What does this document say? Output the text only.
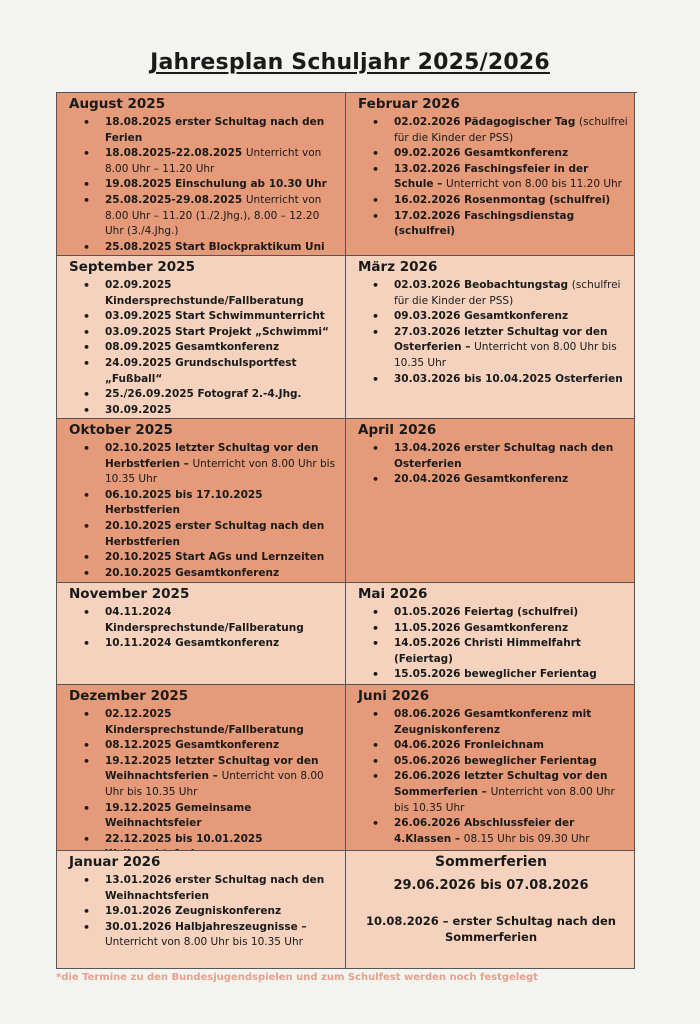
Jahresplan Schuljahr 2025/2026
August 2025
• 18.08.2025 erster Schultag nach den Ferien
• 18.08.2025-22.08.2025 Unterricht von 8.00 Uhr – 11.20 Uhr
• 19.08.2025 Einschulung ab 10.30 Uhr
• 25.08.2025-29.08.2025 Unterricht von 8.00 Uhr – 11.20 (1./2.Jhg.), 8.00 – 12.20 Uhr (3./4.Jhg.)
• 25.08.2025 Start Blockpraktikum Uni
•
Februar 2026
• 02.02.2026 Pädagogischer Tag (schulfrei für die Kinder der PSS)
• 09.02.2026 Gesamtkonferenz
• 13.02.2026 Faschingsfeier in der Schule – Unterricht von 8.00 bis 11.20 Uhr
• 16.02.2026 Rosenmontag (schulfrei)
• 17.02.2026 Faschingsdienstag (schulfrei)
September 2025
• 02.09.2025 Kindersprechstunde/Fallberatung
• 03.09.2025 Start Schwimmunterricht
• 03.09.2025 Start Projekt „Schwimmi“
• 08.09.2025 Gesamtkonferenz
• 24.09.2025 Grundschulsportfest „Fußball“
• 25./26.09.2025 Fotograf 2.-4.Jhg.
• 30.09.2025
März 2026
• 02.03.2026 Beobachtungstag (schulfrei für die Kinder der PSS)
• 09.03.2026 Gesamtkonferenz
• 27.03.2026 letzter Schultag vor den Osterferien – Unterricht von 8.00 Uhr bis 10.35 Uhr
• 30.03.2026 bis 10.04.2025 Osterferien
Oktober 2025
• 02.10.2025 letzter Schultag vor den Herbstferien – Unterricht von 8.00 Uhr bis 10.35 Uhr
• 06.10.2025 bis 17.10.2025 Herbstferien
• 20.10.2025 erster Schultag nach den Herbstferien
• 20.10.2025 Start AGs und Lernzeiten
• 20.10.2025 Gesamtkonferenz
•
April 2026
• 13.04.2026 erster Schultag nach den Osterferien
• 20.04.2026 Gesamtkonferenz
November 2025
• 04.11.2024 Kindersprechstunde/Fallberatung
• 10.11.2024 Gesamtkonferenz
Mai 2026
• 01.05.2026 Feiertag (schulfrei)
• 11.05.2026 Gesamtkonferenz
• 14.05.2026 Christi Himmelfahrt (Feiertag)
• 15.05.2026 beweglicher Ferientag
•
Dezember 2025
• 02.12.2025 Kindersprechstunde/Fallberatung
• 08.12.2025 Gesamtkonferenz
• 19.12.2025 letzter Schultag vor den Weihnachtsferien – Unterricht von 8.00 Uhr bis 10.35 Uhr
• 19.12.2025 Gemeinsame Weihnachtsfeier
• 22.12.2025 bis 10.01.2025
Juni 2026
• 08.06.2026 Gesamtkonferenz mit Zeugniskonferenz
• 04.06.2026 Fronleichnam
• 05.06.2026 beweglicher Ferientag
• 26.06.2026 letzter Schultag vor den Sommerferien – Unterricht von 8.00 Uhr bis 10.35 Uhr
• 26.06.2026 Abschlussfeier der 4.Klassen – 08.15 Uhr bis 09.30 Uhr
Januar 2026
• 13.01.2026 erster Schultag nach den Weihnachtsferien
• 19.01.2026 Zeugniskonferenz
• 30.01.2026 Halbjahreszeugnisse – Unterricht von 8.00 Uhr bis 10.35 Uhr
Sommerferien
29.06.2026 bis 07.08.2026
10.08.2026 – erster Schultag nach den Sommerferien
*die Termine zu den Bundesjugendspielen und zum Schulfest werden noch festgelegt
